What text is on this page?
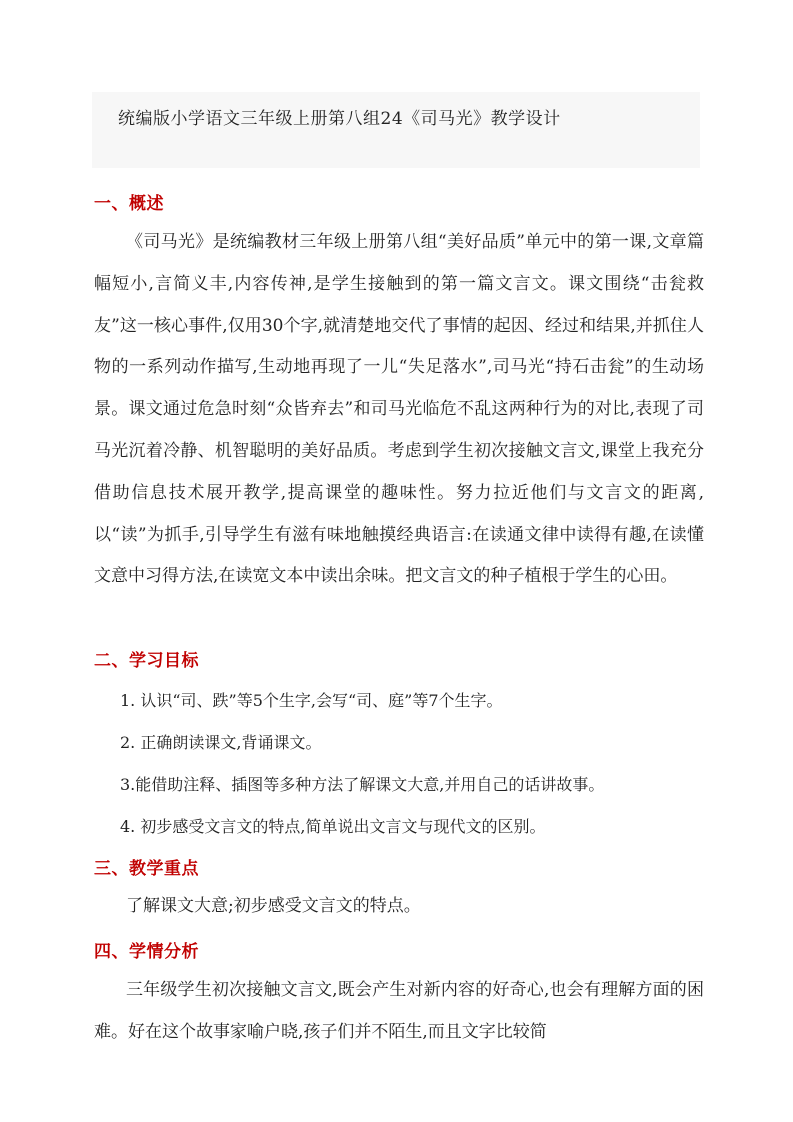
统编版小学语文三年级上册第八组24《司马光》教学设计
一、概述
《司马光》是统编教材三年级上册第八组“美好品质”单元中的第一课,文章篇幅短小,言简义丰,内容传神,是学生接触到的第一篇文言文。课文围绕“击瓮救友”这一核心事件,仅用30个字,就清楚地交代了事情的起因、经过和结果,并抓住人物的一系列动作描写,生动地再现了一儿“失足落水”,司马光“持石击瓮”的生动场景。课文通过危急时刻“众皆弃去”和司马光临危不乱这两种行为的对比,表现了司马光沉着冷静、机智聪明的美好品质。考虑到学生初次接触文言文,课堂上我充分借助信息技术展开教学,提高课堂的趣味性。努力拉近他们与文言文的距离,以“读”为抓手,引导学生有滋有味地触摸经典语言:在读通文律中读得有趣,在读懂文意中习得方法,在读宽文本中读出余味。把文言文的种子植根于学生的心田。
二、学习目标
1. 认识“司、跌”等5个生字,会写“司、庭”等7个生字。
2. 正确朗读课文,背诵课文。
3.能借助注释、插图等多种方法了解课文大意,并用自己的话讲故事。
4. 初步感受文言文的特点,简单说出文言文与现代文的区别。
三、教学重点
了解课文大意;初步感受文言文的特点。
四、学情分析
三年级学生初次接触文言文,既会产生对新内容的好奇心,也会有理解方面的困难。好在这个故事家喻户晓,孩子们并不陌生,而且文字比较简
